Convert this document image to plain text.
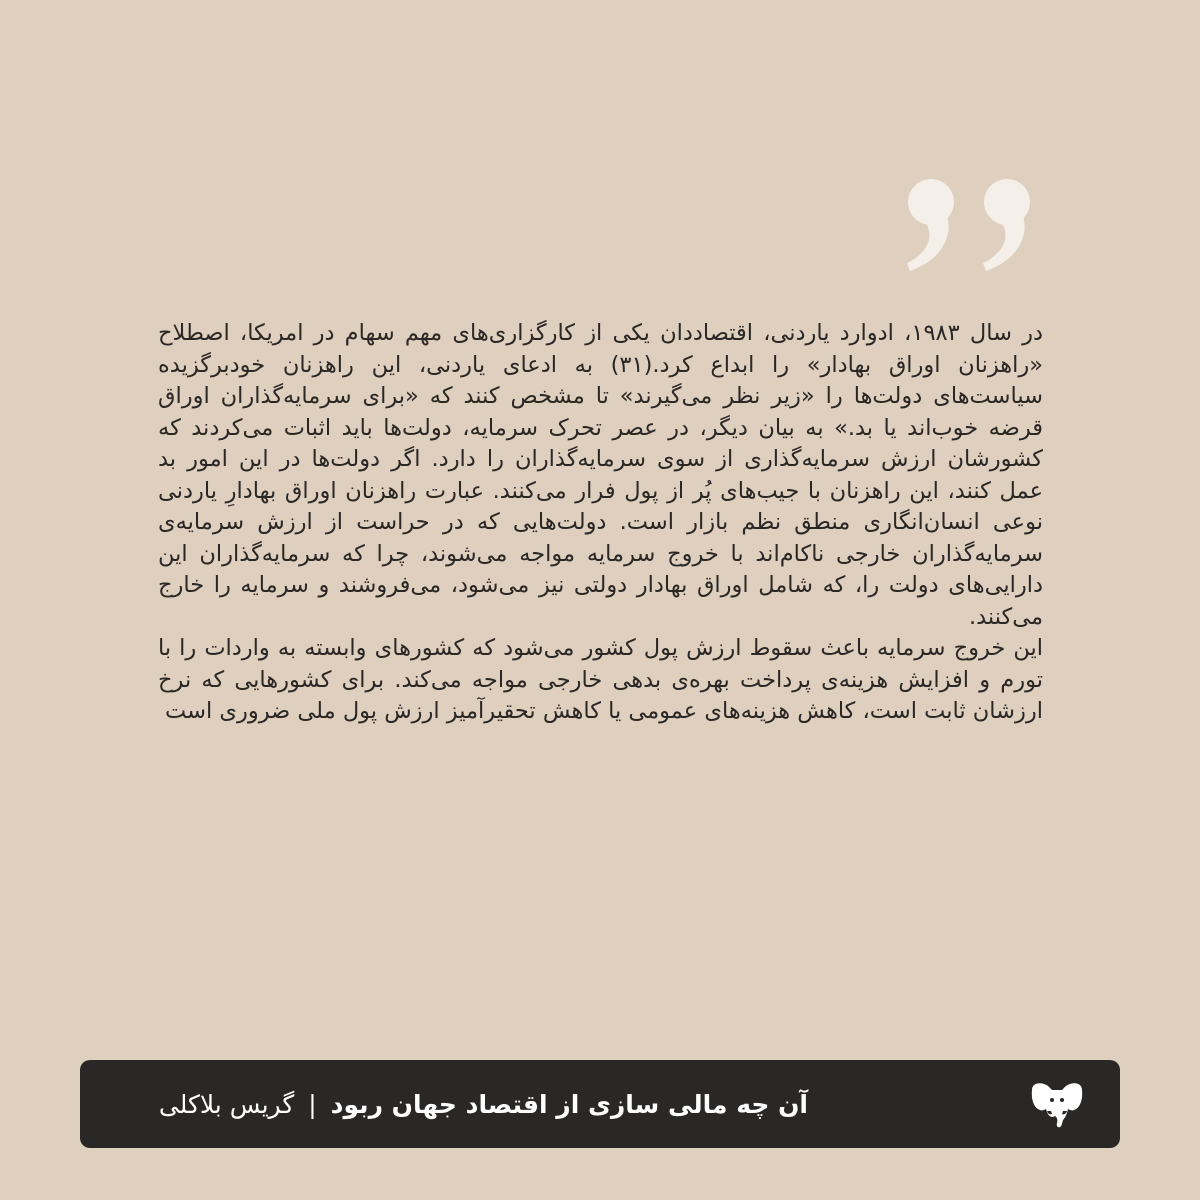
در سال ۱۹۸۳، ادوارد یاردنی، اقتصاددان یکی از کارگزاری‌های مهم سهام در امریکا، اصطلاح «راهزنان اوراق بهادار» را ابداع کرد.(۳۱) به ادعای یاردنی، این راهزنان خودبرگزیده سیاست‌های دولت‌ها را «زیر نظر می‌گیرند» تا مشخص کنند که «برای سرمایه‌گذاران اوراق قرضه خوب‌اند یا بد.» به بیان دیگر، در عصر تحرک سرمایه، دولت‌ها باید اثبات می‌کردند که کشورشان ارزش سرمایه‌گذاری از سوی سرمایه‌گذاران را دارد. اگر دولت‌ها در این امور بد عمل کنند، این راهزنان با جیب‌های پُر از پول فرار می‌کنند. عبارت راهزنان اوراق بهادارِ یاردنی نوعی انسان‌انگاری منطق نظم بازار است. دولت‌هایی که در حراست از ارزش سرمایه‌ی سرمایه‌گذاران خارجی ناکام‌اند با خروج سرمایه مواجه می‌شوند، چرا که سرمایه‌گذاران این دارایی‌های دولت را، که شامل اوراق بهادار دولتی نیز می‌شود، می‌فروشند و سرمایه را خارج می‌کنند.

این خروج سرمایه باعث سقوط ارزش پول کشور می‌شود که کشورهای وابسته به واردات را با تورم و افزایش هزینه‌ی پرداخت بهره‌ی بدهی خارجی مواجه می‌کند. برای کشورهایی که نرخ ارزشان ثابت است، کاهش هزینه‌های عمومی یا کاهش تحقیرآمیز ارزش پول ملی ضروری است

آن چه مالی سازی از اقتصاد جهان ربود
|
گریس بلاکلی
